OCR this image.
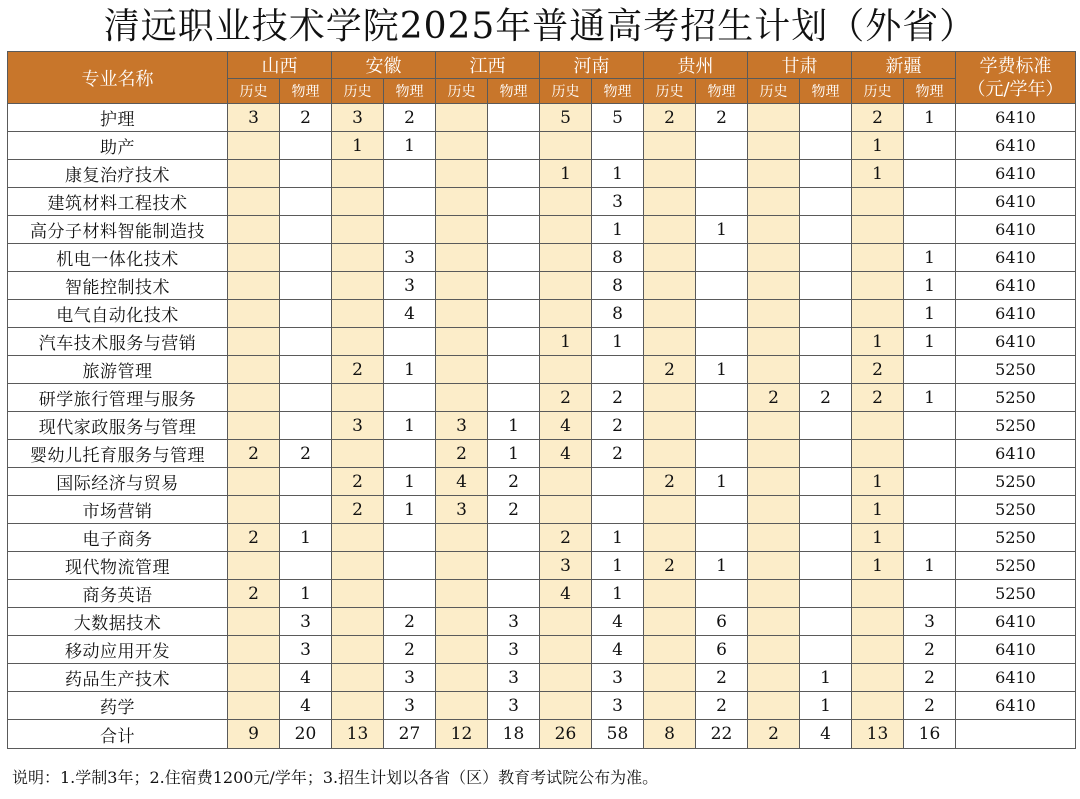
清远职业技术学院2025年普通高考招生计划（外省）
专业名称	山西		安徽		江西		河南		贵州		甘肃		新疆		学费标准
（元/学年）

	历史	物理	历史	物理	历史	物理	历史	物理	历史	物理	历史	物理	历史	物理	
护理	3	2	3	2			5	5	2	2			2	1	6410
助产			1	1									1		6410
康复治疗技术							1	1					1		6410
建筑材料工程技术								3							6410
高分子材料智能制造技								1		1					6410
机电一体化技术				3				8						1	6410
智能控制技术				3				8						1	6410
电气自动化技术				4				8						1	6410
汽车技术服务与营销							1	1					1	1	6410
旅游管理			2	1					2	1			2		5250
研学旅行管理与服务							2	2			2	2	2	1	5250
现代家政服务与管理			3	1	3	1	4	2							5250
婴幼儿托育服务与管理	2	2			2	1	4	2							6410
国际经济与贸易			2	1	4	2			2	1			1		5250
市场营销			2	1	3	2							1		5250
电子商务	2	1					2	1					1		5250
现代物流管理							3	1	2	1			1	1	5250
商务英语	2	1					4	1							5250
大数据技术		3		2		3		4		6				3	6410
移动应用开发		3		2		3		4		6				2	6410
药品生产技术		4		3		3		3		2		1		2	6410
药学		4		3		3		3		2		1		2	6410
合计	9	20	13	27	12	18	26	58	8	22	2	4	13	16	
说明：1.学制3年；2.住宿费1200元/学年；3.招生计划以各省（区）教育考试院公布为准。
